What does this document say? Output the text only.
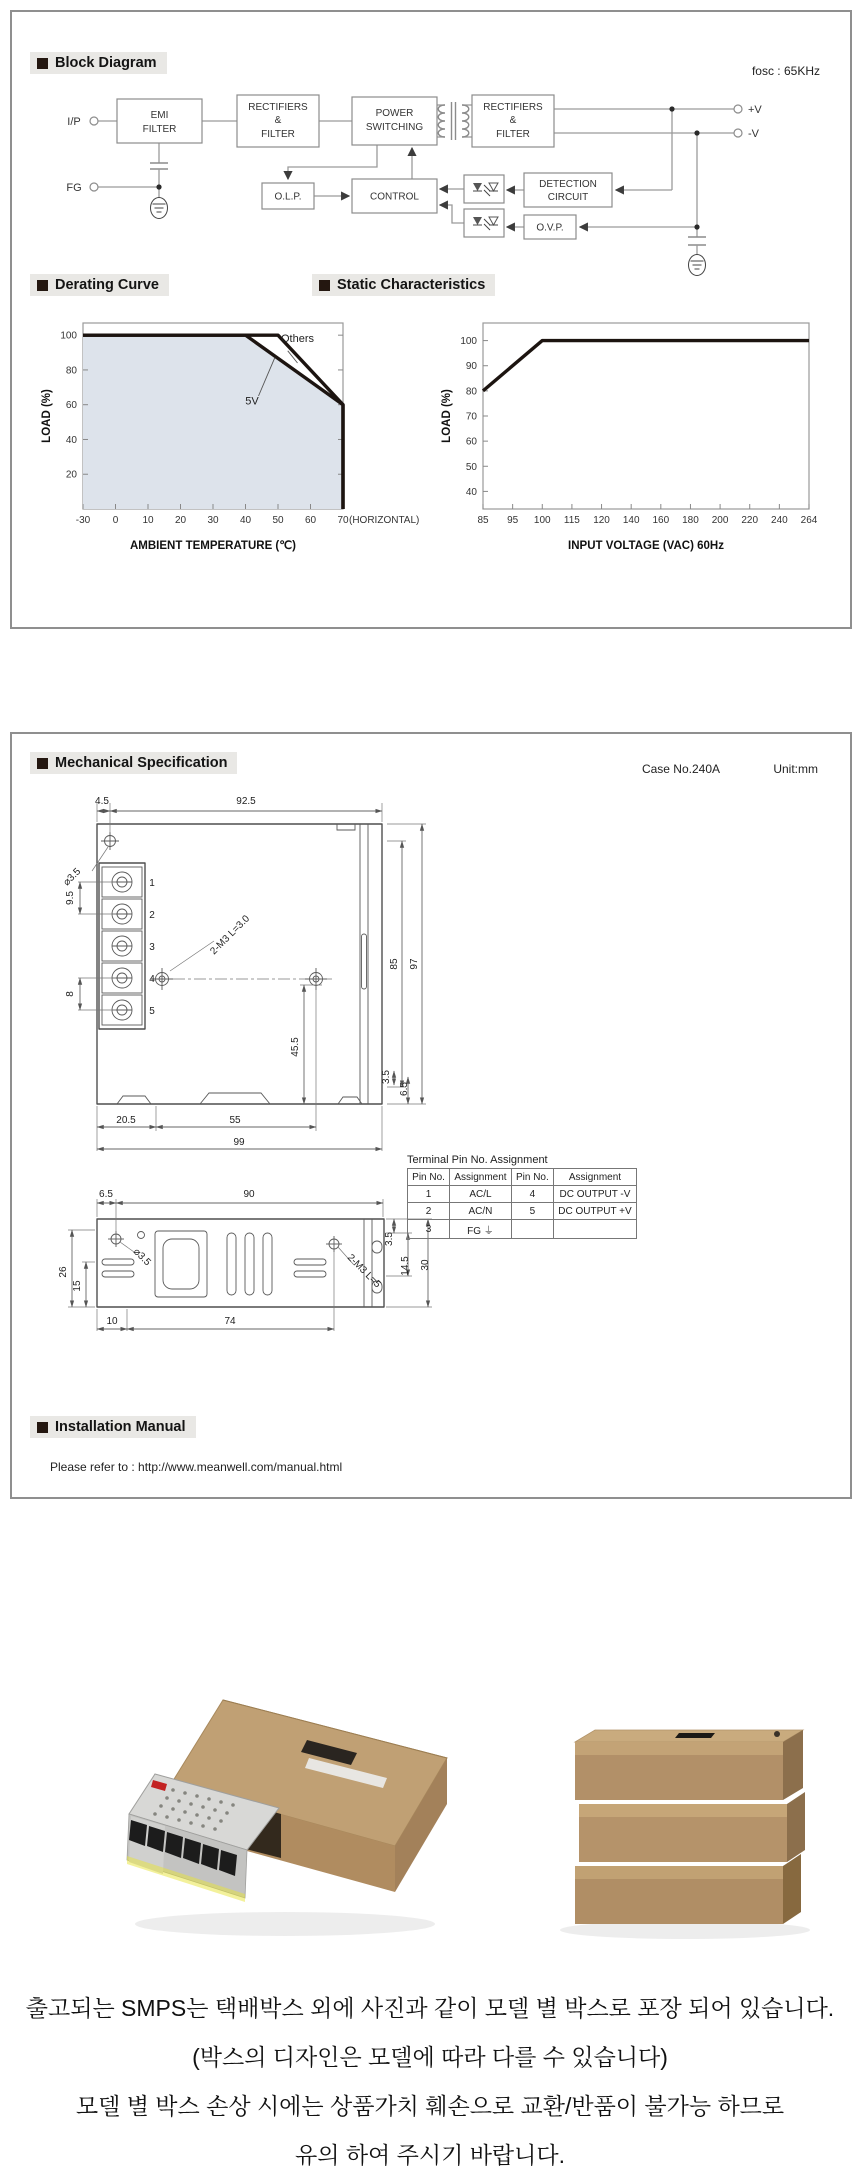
Block Diagram	fosc : 65KHz
I/P
FG
+V
-V
EMI
FILTER
RECTIFIERS
&
FILTER
POWER
SWITCHING
RECTIFIERS
&
FILTER
O.L.P.	CONTROL
DETECTION
CIRCUIT
O.V.P.
Derating Curve	Static Characteristics
20
40
60
80
100
-30 0 10 20 30 40 50 60 70 (HORIZONTAL)
Others
5V
AMBIENT TEMPERATURE (℃)
LOAD (%)
40
50
60
70
80
90
100
85 95 100 115 120 140 160 180 200 220 240 264
INPUT VOLTAGE (VAC) 60Hz
LOAD (%)
Mechanical Specification	Case No.240A	Unit:mm
4.5	92.5
⌀3.5
9.5
8
1
2
3
4
5
2-M3 L=3.0
45.5
85 97
3.5
6.5
20.5	55
99
6.5	90
⌀3.5
26
15	2-M3 L=5
10	74
3.5
14.5 30
Terminal Pin No. Assignment
Pin No.	Assignment	Pin No.	Assignment
1	AC/L	4	DC OUTPUT -V
2	AC/N	5	DC OUTPUT +V
3	FG ⏚		
Installation Manual
Please refer to : http://www.meanwell.com/manual.html
출고되는 SMPS는 택배박스 외에 사진과 같이 모델 별 박스로 포장 되어 있습니다.
(박스의 디자인은 모델에 따라 다를 수 있습니다)
모델 별 박스 손상 시에는 상품가치 훼손으로 교환/반품이 불가능 하므로
유의 하여 주시기 바랍니다.
